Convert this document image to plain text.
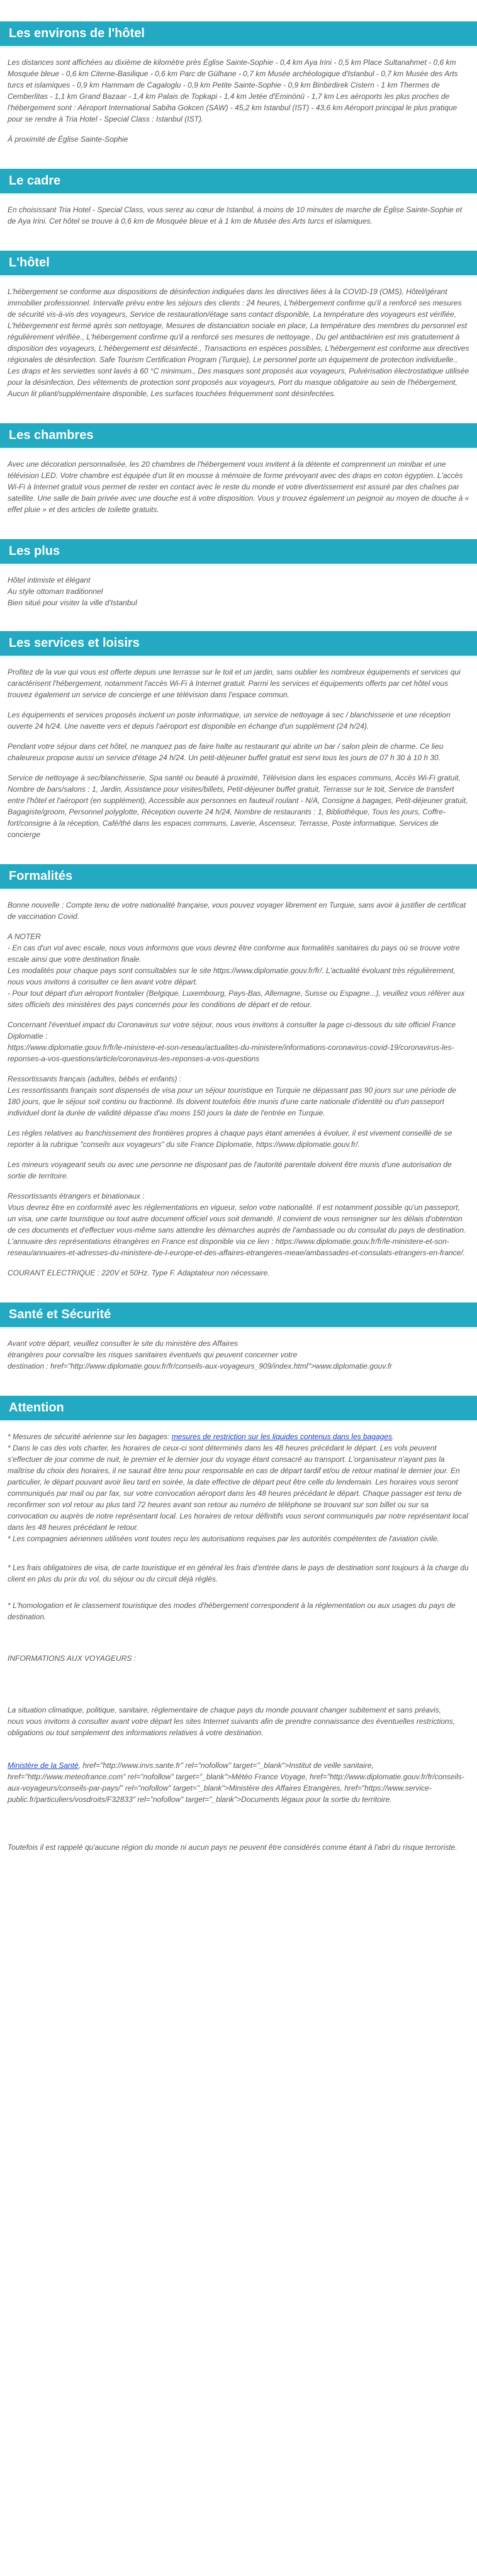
Les environs de l'hôtel

Les distances sont affichées au dixième de kilomètre près Église Sainte-Sophie - 0,4 km Aya Irini - 0,5 km Place Sultanahmet - 0,6 km Mosquée bleue - 0,6 km Citerne-Basilique - 0,6 km Parc de Gülhane - 0,7 km Musée archéologique d'Istanbul - 0,7 km Musée des Arts turcs et islamiques - 0,9 km Hammam de Cagaloglu - 0,9 km Petite Sainte-Sophie - 0,9 km Binbirdirek Cistern - 1 km Thermes de Cemberlitas - 1,1 km Grand Bazaar - 1,4 km Palais de Topkapi - 1,4 km Jetée d'Eminönü - 1,7 km Les aéroports les plus proches de l'hébergement sont : Aéroport International Sabiha Gokcen (SAW) - 45,2 km Istanbul (IST) - 43,6 km Aéroport principal le plus pratique pour se rendre à Tria Hotel - Special Class : Istanbul (IST).

À proximité de Église Sainte-Sophie

Le cadre

En choisissant Tria Hotel - Special Class, vous serez au cœur de Istanbul, à moins de 10 minutes de marche de Église Sainte-Sophie et de Aya Irini. Cet hôtel se trouve à 0,6 km de Mosquée bleue et à 1 km de Musée des Arts turcs et islamiques.

L'hôtel

L'hébergement se conforme aux dispositions de désinfection indiquées dans les directives liées à la COVID-19 (OMS), Hôtel/gérant immobilier professionnel. Intervalle prévu entre les séjours des clients : 24 heures, L'hébergement confirme qu'il a renforcé ses mesures de sécurité vis-à-vis des voyageurs, Service de restauration/étage sans contact disponible, La température des voyageurs est vérifiée, L'hébergement est fermé après son nettoyage, Mesures de distanciation sociale en place, La température des membres du personnel est régulièrement vérifiée., L'hébergement confirme qu'il a renforcé ses mesures de nettoyage., Du gel antibactérien est mis gratuitement à disposition des voyageurs, L'hébergement est désinfecté., Transactions en espèces possibles, L'hébergement est conforme aux directives régionales de désinfection. Safe Tourism Certification Program (Turquie), Le personnel porte un équipement de protection individuelle., Les draps et les serviettes sont lavés à 60 °C minimum., Des masques sont proposés aux voyageurs, Pulvérisation électrostatique utilisée pour la désinfection, Des vêtements de protection sont proposés aux voyageurs, Port du masque obligatoire au sein de l'hébergement, Aucun lit pliant/supplémentaire disponible, Les surfaces touchées fréquemment sont désinfectées.

Les chambres

Avec une décoration personnalisée, les 20 chambres de l'hébergement vous invitent à la détente et comprennent un minibar et une télévision LED. Votre chambre est équipée d'un lit en mousse à mémoire de forme prévoyant avec des draps en coton égyptien. L'accès Wi-Fi à Internet gratuit vous permet de rester en contact avec le reste du monde et votre divertissement est assuré par des chaînes par satellite. Une salle de bain privée avec une douche est à votre disposition. Vous y trouvez également un peignoir au moyen de douche à « effet pluie » et des articles de toilette gratuits.

Les plus

Hôtel intimiste et élégant

Au style ottoman traditionnel

Bien situé pour visiter la ville d'Istanbul

Les services et loisirs

Profitez de la vue qui vous est offerte depuis une terrasse sur le toit et un jardin, sans oublier les nombreux équipements et services qui caractérisent l'hébergement, notamment l'accès Wi-Fi à Internet gratuit. Parmi les services et équipements offerts par cet hôtel vous trouvez également un service de concierge et une télévision dans l'espace commun.

Les équipements et services proposés incluent un poste informatique, un service de nettoyage à sec / blanchisserie et une réception ouverte 24 h/24. Une navette vers et depuis l'aéroport est disponible en échange d'un supplément (24 h/24).

Pendant votre séjour dans cet hôtel, ne manquez pas de faire halte au restaurant qui abrite un bar / salon plein de charme. Ce lieu chaleureux propose aussi un service d'étage 24 h/24. Un petit-déjeuner buffet gratuit est servi tous les jours de 07 h 30 à 10 h 30.

Service de nettoyage à sec/blanchisserie, Spa santé ou beauté à proximité, Télévision dans les espaces communs, Accès Wi-Fi gratuit, Nombre de bars/salons : 1, Jardin, Assistance pour visites/billets, Petit-déjeuner buffet gratuit, Terrasse sur le toit, Service de transfert entre l'hôtel et l'aéroport (en supplément), Accessible aux personnes en fauteuil roulant - N/A, Consigne à bagages, Petit-déjeuner gratuit, Bagagiste/groom, Personnel polyglotte, Réception ouverte 24 h/24, Nombre de restaurants : 1, Bibliothèque, Tous les jours, Coffre-fort/consigne à la réception, Café/thé dans les espaces communs, Laverie, Ascenseur, Terrasse, Poste informatique, Services de concierge

Formalités

Bonne nouvelle : Compte tenu de votre nationalité française, vous pouvez voyager librement en Turquie, sans avoir à justifier de certificat de vaccination Covid.

A NOTER
- En cas d'un vol avec escale, nous vous informons que vous devrez être conforme aux formalités sanitaires du pays où se trouve votre escale ainsi que votre destination finale.
Les modalités pour chaque pays sont consultables sur le site https://www.diplomatie.gouv.fr/fr/. L'actualité évoluant très régulièrement, nous vous invitons à consulter ce lien avant votre départ.
- Pour tout départ d'un aéroport frontalier (Belgique, Luxembourg, Pays-Bas, Allemagne, Suisse ou Espagne...), veuillez vous référer aux sites officiels des ministères des pays concernés pour les conditions de départ et de retour.

Concernant l'éventuel impact du Coronavirus sur votre séjour, nous vous invitons à consulter la page ci-dessous du site officiel France Diplomatie :
https://www.diplomatie.gouv.fr/fr/le-ministere-et-son-reseau/actualites-du-ministere/informations-coronavirus-covid-19/coronavirus-les-reponses-a-vos-questions/article/coronavirus-les-reponses-a-vos-questions

Ressortissants français (adultes, bébés et enfants) :
Les ressortissants français sont dispensés de visa pour un séjour touristique en Turquie ne dépassant pas 90 jours sur une période de 180 jours, que le séjour soit continu ou fractionné. Ils doivent toutefois être munis d'une carte nationale d'identité ou d'un passeport individuel dont la durée de validité dépasse d'au moins 150 jours la date de l'entrée en Turquie.

Les règles relatives au franchissement des frontières propres à chaque pays étant amenées à évoluer, il est vivement conseillé de se reporter à la rubrique "conseils aux voyageurs" du site France Diplomatie, https://www.diplomatie.gouv.fr/.

Les mineurs voyageant seuls ou avec une personne ne disposant pas de l'autorité parentale doivent être munis d'une autorisation de sortie de territoire.

Ressortissants étrangers et binationaux :
Vous devrez être en conformité avec les réglementations en vigueur, selon votre nationalité. Il est notamment possible qu'un passeport, un visa, une carte touristique ou tout autre document officiel vous soit demandé. Il convient de vous renseigner sur les délais d'obtention de ces documents et d'effectuer vous-même sans attendre les démarches auprès de l'ambassade ou du consulat du pays de destination.
L'annuaire des représentations étrangères en France est disponible via ce lien : https://www.diplomatie.gouv.fr/fr/le-ministere-et-son-reseau/annuaires-et-adresses-du-ministere-de-l-europe-et-des-affaires-etrangeres-meae/ambassades-et-consulats-etrangers-en-france/.

COURANT ELECTRIQUE : 220V et 50Hz. Type F. Adaptateur non nécessaire.

Santé et Sécurité

Avant votre départ, veuillez consulter le site du ministère des Affaires
étrangères pour connaître les risques sanitaires éventuels qui peuvent concerner votre
destination : href="http://www.diplomatie.gouv.fr/fr/conseils-aux-voyageurs_909/index.html">www.diplomatie.gouv.fr

Attention

* Mesures de sécurité aérienne sur les bagages: mesures de restriction sur les liquides contenus dans les bagages.
* Dans le cas des vols charter, les horaires de ceux-ci sont déterminés dans les 48 heures précédant le départ. Les vols peuvent s'effectuer de jour comme de nuit, le premier et le dernier jour du voyage étant consacré au transport. L'organisateur n'ayant pas la maîtrise du choix des horaires, il ne saurait être tenu pour responsable en cas de départ tardif et/ou de retour matinal le dernier jour. En particulier, le départ pouvant avoir lieu tard en soirée, la date effective de départ peut être celle du lendemain. Les horaires vous seront communiqués par mail ou par fax, sur votre convocation aéroport dans les 48 heures précédant le départ. Chaque passager est tenu de reconfirmer son vol retour au plus tard 72 heures avant son retour au numéro de téléphone se trouvant sur son billet ou sur sa convocation ou auprès de notre représentant local. Les horaires de retour définitifs vous seront communiqués par notre représentant local dans les 48 heures précédant le retour.
* Les compagnies aériennes utilisées vont toutes reçu les autorisations requises par les autorités compétentes de l'aviation civile.

* Les frais obligatoires de visa, de carte touristique et en général les frais d'entrée dans le pays de destination sont toujours à la charge du client en plus du prix du vol, du séjour ou du circuit déjà réglés.

* L'homologation et le classement touristique des modes d'hébergement correspondent à la réglementation ou aux usages du pays de destination.

INFORMATIONS AUX VOYAGEURS :

La situation climatique, politique, sanitaire, réglementaire de chaque pays du monde pouvant changer subitement et sans préavis,
nous vous invitons à consulter avant votre départ les sites Internet suivants afin de prendre connaissance des éventuelles restrictions, obligations ou tout simplement des informations relatives à votre destination.

Ministère de la Santé, href="http://www.invs.sante.fr" rel="nofollow" target="_blank">Institut de veille sanitaire, href="http://www.meteofrance.com" rel="nofollow" target="_blank">Météo France Voyage, href="http://www.diplomatie.gouv.fr/fr/conseils-aux-voyageurs/conseils-par-pays/" rel="nofollow" target="_blank">Ministère des Affaires Etrangères, href="https://www.service-public.fr/particuliers/vosdroits/F32833" rel="nofollow" target="_blank">Documents légaux pour la sortie du territoire.

Toutefois il est rappelé qu'aucune région du monde ni aucun pays ne peuvent être considérés comme étant à l'abri du risque terroriste.
